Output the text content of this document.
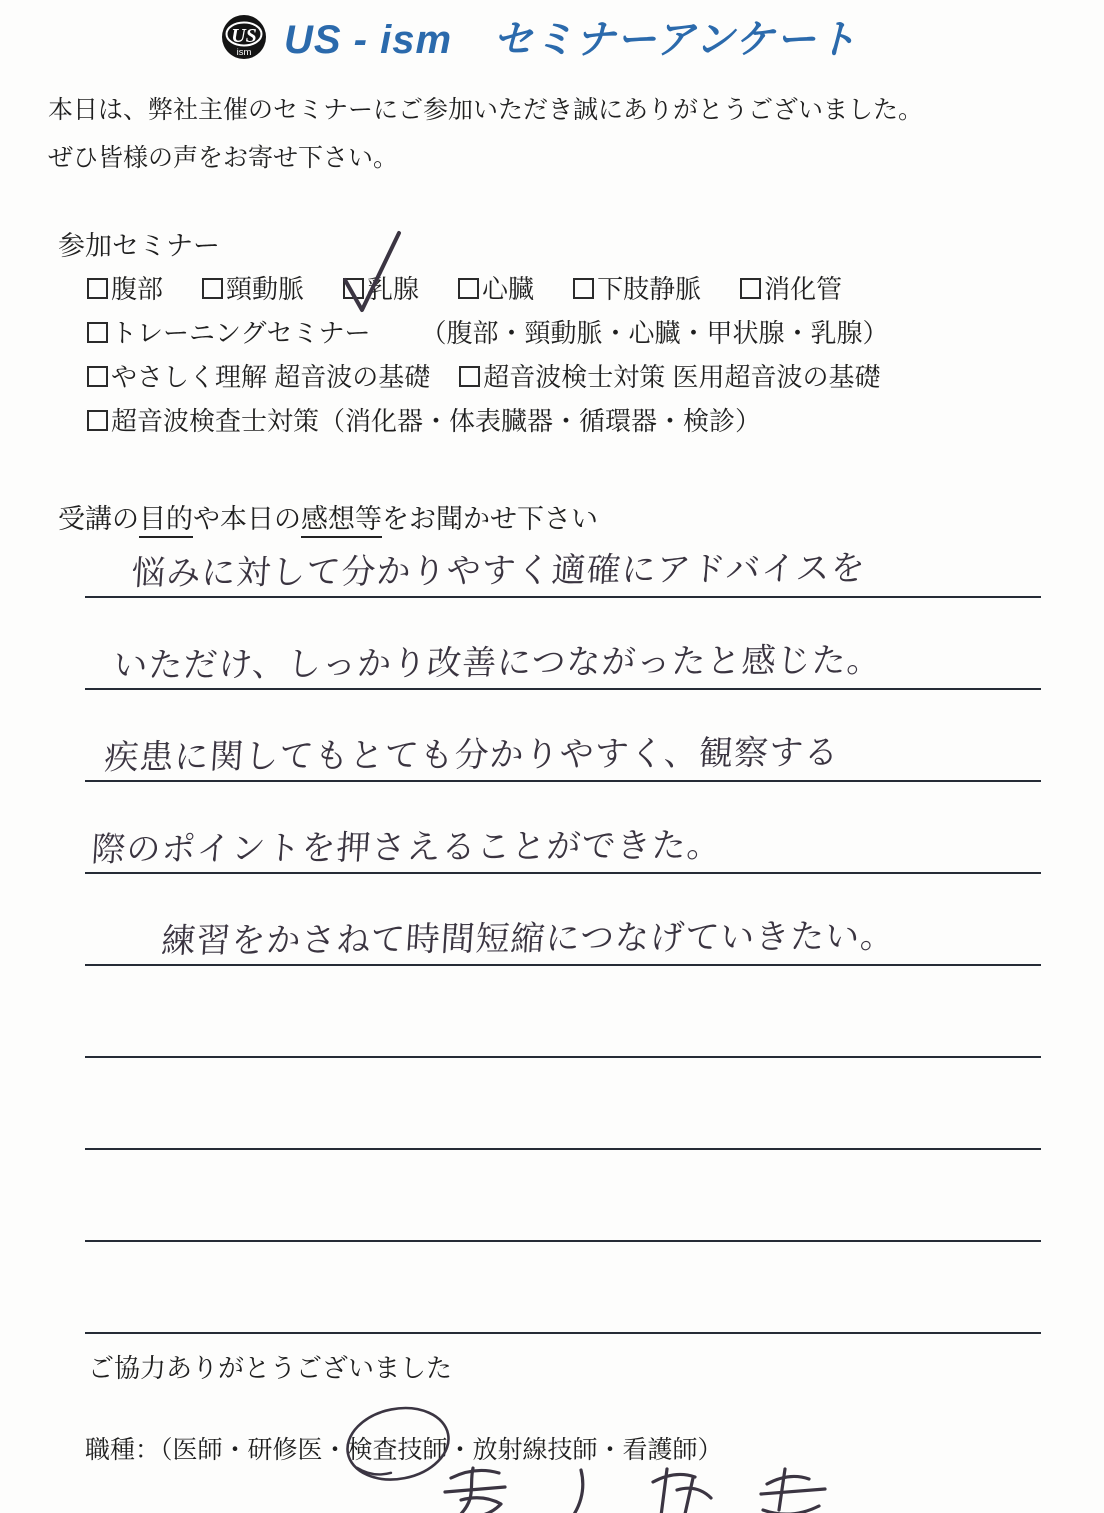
US
ism US - ism　セミナーアンケート

本日は、弊社主催のセミナーにご参加いただき誠にありがとうございました。

ぜひ皆様の声をお寄せ下さい。

参加セミナー
腹部 頸動脈 乳腺 心臓 下肢静脈 消化管
トレーニングセミナー （腹部・頸動脈・心臓・甲状腺・乳腺）
やさしく理解 超音波の基礎 超音波検士対策 医用超音波の基礎
超音波検査士対策（消化器・体表臓器・循環器・検診）
受講の目的や本日の感想等をお聞かせ下さい
悩みに対して分かりやすく適確にアドバイスを
いただけ、しっかり改善につながったと感じた。
疾患に関してもとても分かりやすく、観察する
際のポイントを押さえることができた。
練習をかさねて時間短縮につなげていきたい。

ご協力ありがとうございました

職種：（医師・研修医・
検査技師・放射線技師・看護師）
